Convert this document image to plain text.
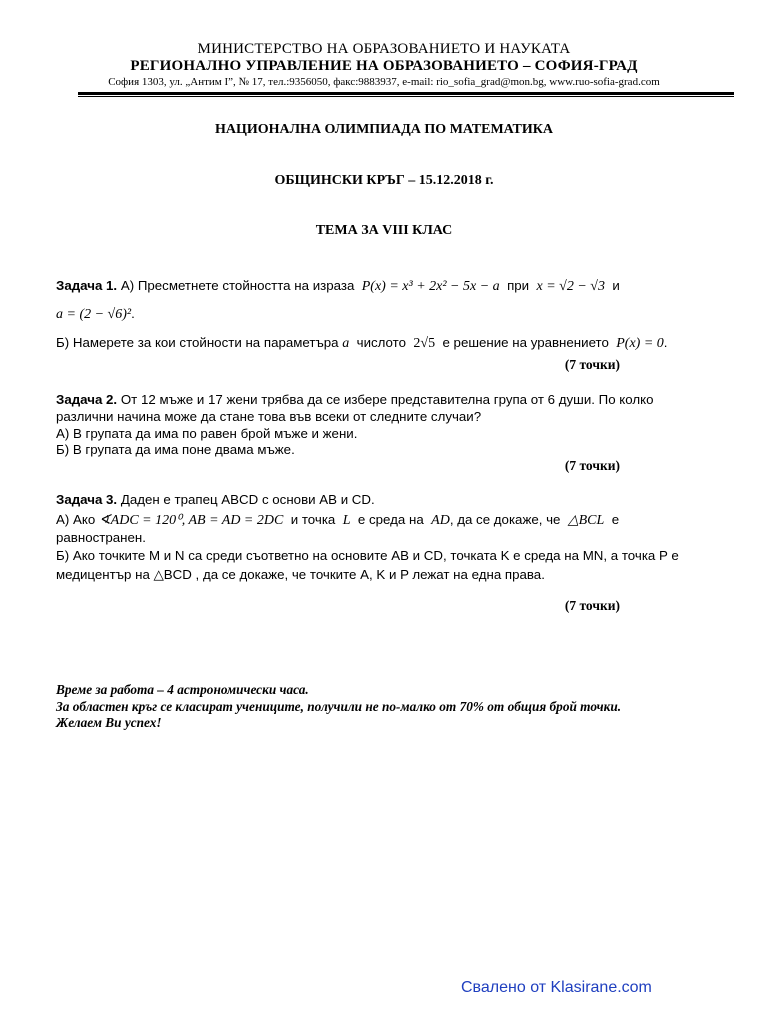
МИНИСТЕРСТВО НА ОБРАЗОВАНИЕТО И НАУКАТА
РЕГИОНАЛНО УПРАВЛЕНИЕ НА ОБРАЗОВАНИЕТО – СОФИЯ-ГРАД
София 1303, ул. „Антим I”, № 17, тел.:9356050, факс:9883937, e-mail: rio_sofia_grad@mon.bg, www.ruo-sofia-grad.com
НАЦИОНАЛНА ОЛИМПИАДА ПО МАТЕМАТИКА
ОБЩИНСКИ КРЪГ – 15.12.2018 г.
ТЕМА ЗА VIII КЛАС
Задача 1. А) Пресметнете стойността на израза P(x) = x³ + 2x² − 5x − a при x = √2 − √3 и
a = (2 − √6)².
Б) Намерете за кои стойности на параметъра a числото 2√5 е решение на уравнението P(x) = 0.
(7 точки)
Задача 2. От 12 мъже и 17 жени трябва да се избере представителна група от 6 души. По колко
различни начина може да стане това във всеки от следните случаи?
А) В групата да има по равен брой мъже и жени.
Б) В групата да има поне двама мъже.
(7 точки)
Задача 3. Даден е трапец ABCD с основи AB и CD.
А) Ако ∢ADC = 120⁰, AB = AD = 2DC и точка L е среда на AD, да се докаже, че △BCL е
равностранен.
Б) Ако точките M и N са среди съответно на основите AB и CD, точката K е среда на MN, а точка P е
медицентър на △BCD , да се докаже, че точките A, K и P лежат на една права.
(7 точки)
Време за работа – 4 астрономически часа.
За областен кръг се класират учениците, получили не по-малко от 70% от общия брой точки.
Желаем Ви успех!
Свалено от Klasirane.com
